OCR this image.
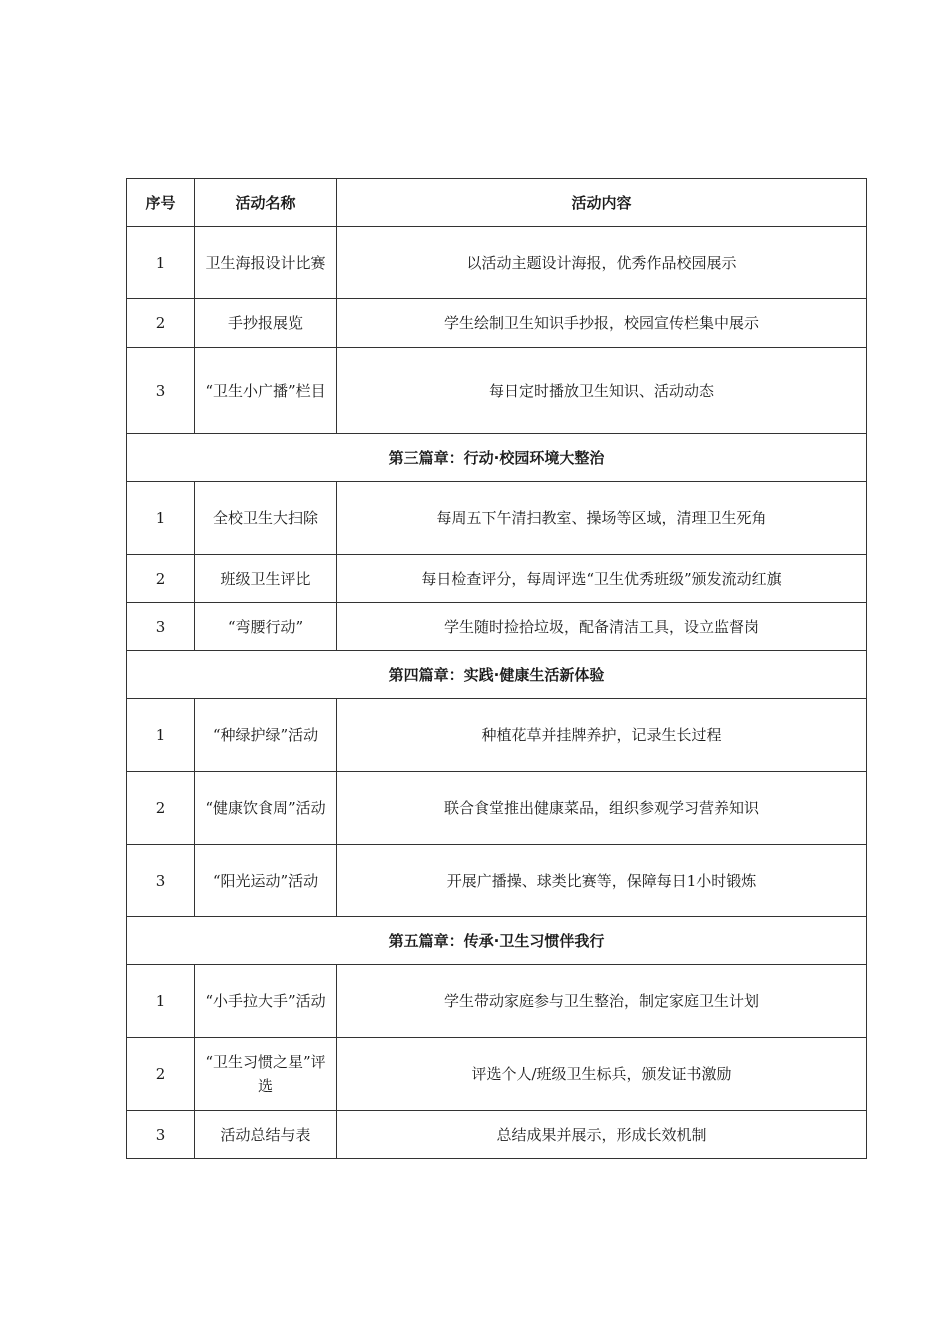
序号	活动名称	活动内容
1	卫生海报设计比赛	以活动主题设计海报，优秀作品校园展示
2	手抄报展览	学生绘制卫生知识手抄报，校园宣传栏集中展示
3	“卫生小广播”栏目	每日定时播放卫生知识、活动动态
第三篇章：行动·校园环境大整治		
1	全校卫生大扫除	每周五下午清扫教室、操场等区域，清理卫生死角
2	班级卫生评比	每日检查评分，每周评选“卫生优秀班级”颁发流动红旗
3	“弯腰行动”	学生随时捡拾垃圾，配备清洁工具，设立监督岗
第四篇章：实践·健康生活新体验		
1	“种绿护绿”活动	种植花草并挂牌养护，记录生长过程
2	“健康饮食周”活动	联合食堂推出健康菜品，组织参观学习营养知识
3	“阳光运动”活动	开展广播操、球类比赛等，保障每日1小时锻炼
第五篇章：传承·卫生习惯伴我行		
1	“小手拉大手”活动	学生带动家庭参与卫生整治，制定家庭卫生计划
2	“卫生习惯之星”评选	评选个人/班级卫生标兵，颁发证书激励
3	活动总结与表	总结成果并展示，形成长效机制
